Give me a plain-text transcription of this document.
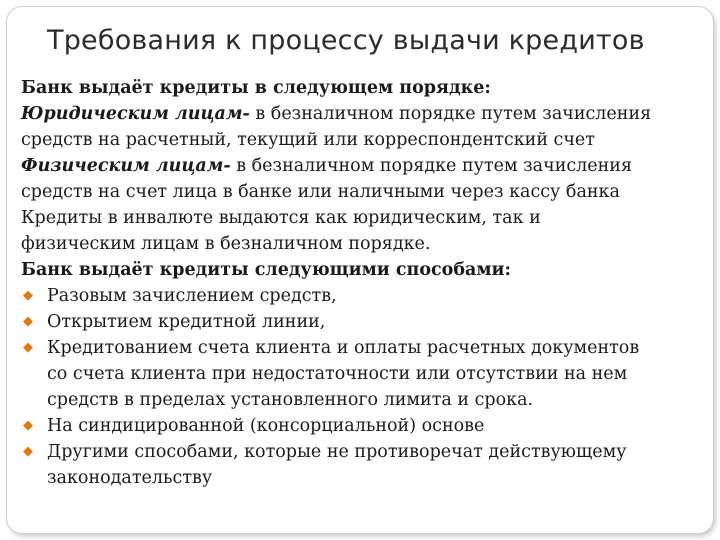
Требования к процессу выдачи кредитов

Банк выдаёт кредиты в следующем порядке:

Юридическим лицам- в безналичном порядке путем зачисления

средств на расчетный, текущий или корреспондентский счет

Физическим лицам- в безналичном порядке путем зачисления

средств на счет лица в банке или наличными через кассу банка

Кредиты в инвалюте выдаются как юридическим, так и

физическим лицам в безналичном порядке.

Банк выдаёт кредиты следующими способами:

◆ Разовым зачислением средств,

◆ Открытием кредитной линии,

◆ Кредитованием счета клиента и оплаты расчетных документов

со счета клиента при недостаточности или отсутствии на нем

средств в пределах установленного лимита и срока.

◆ На синдицированной (консорциальной) основе

◆ Другими способами, которые не противоречат действующему

законодательству
